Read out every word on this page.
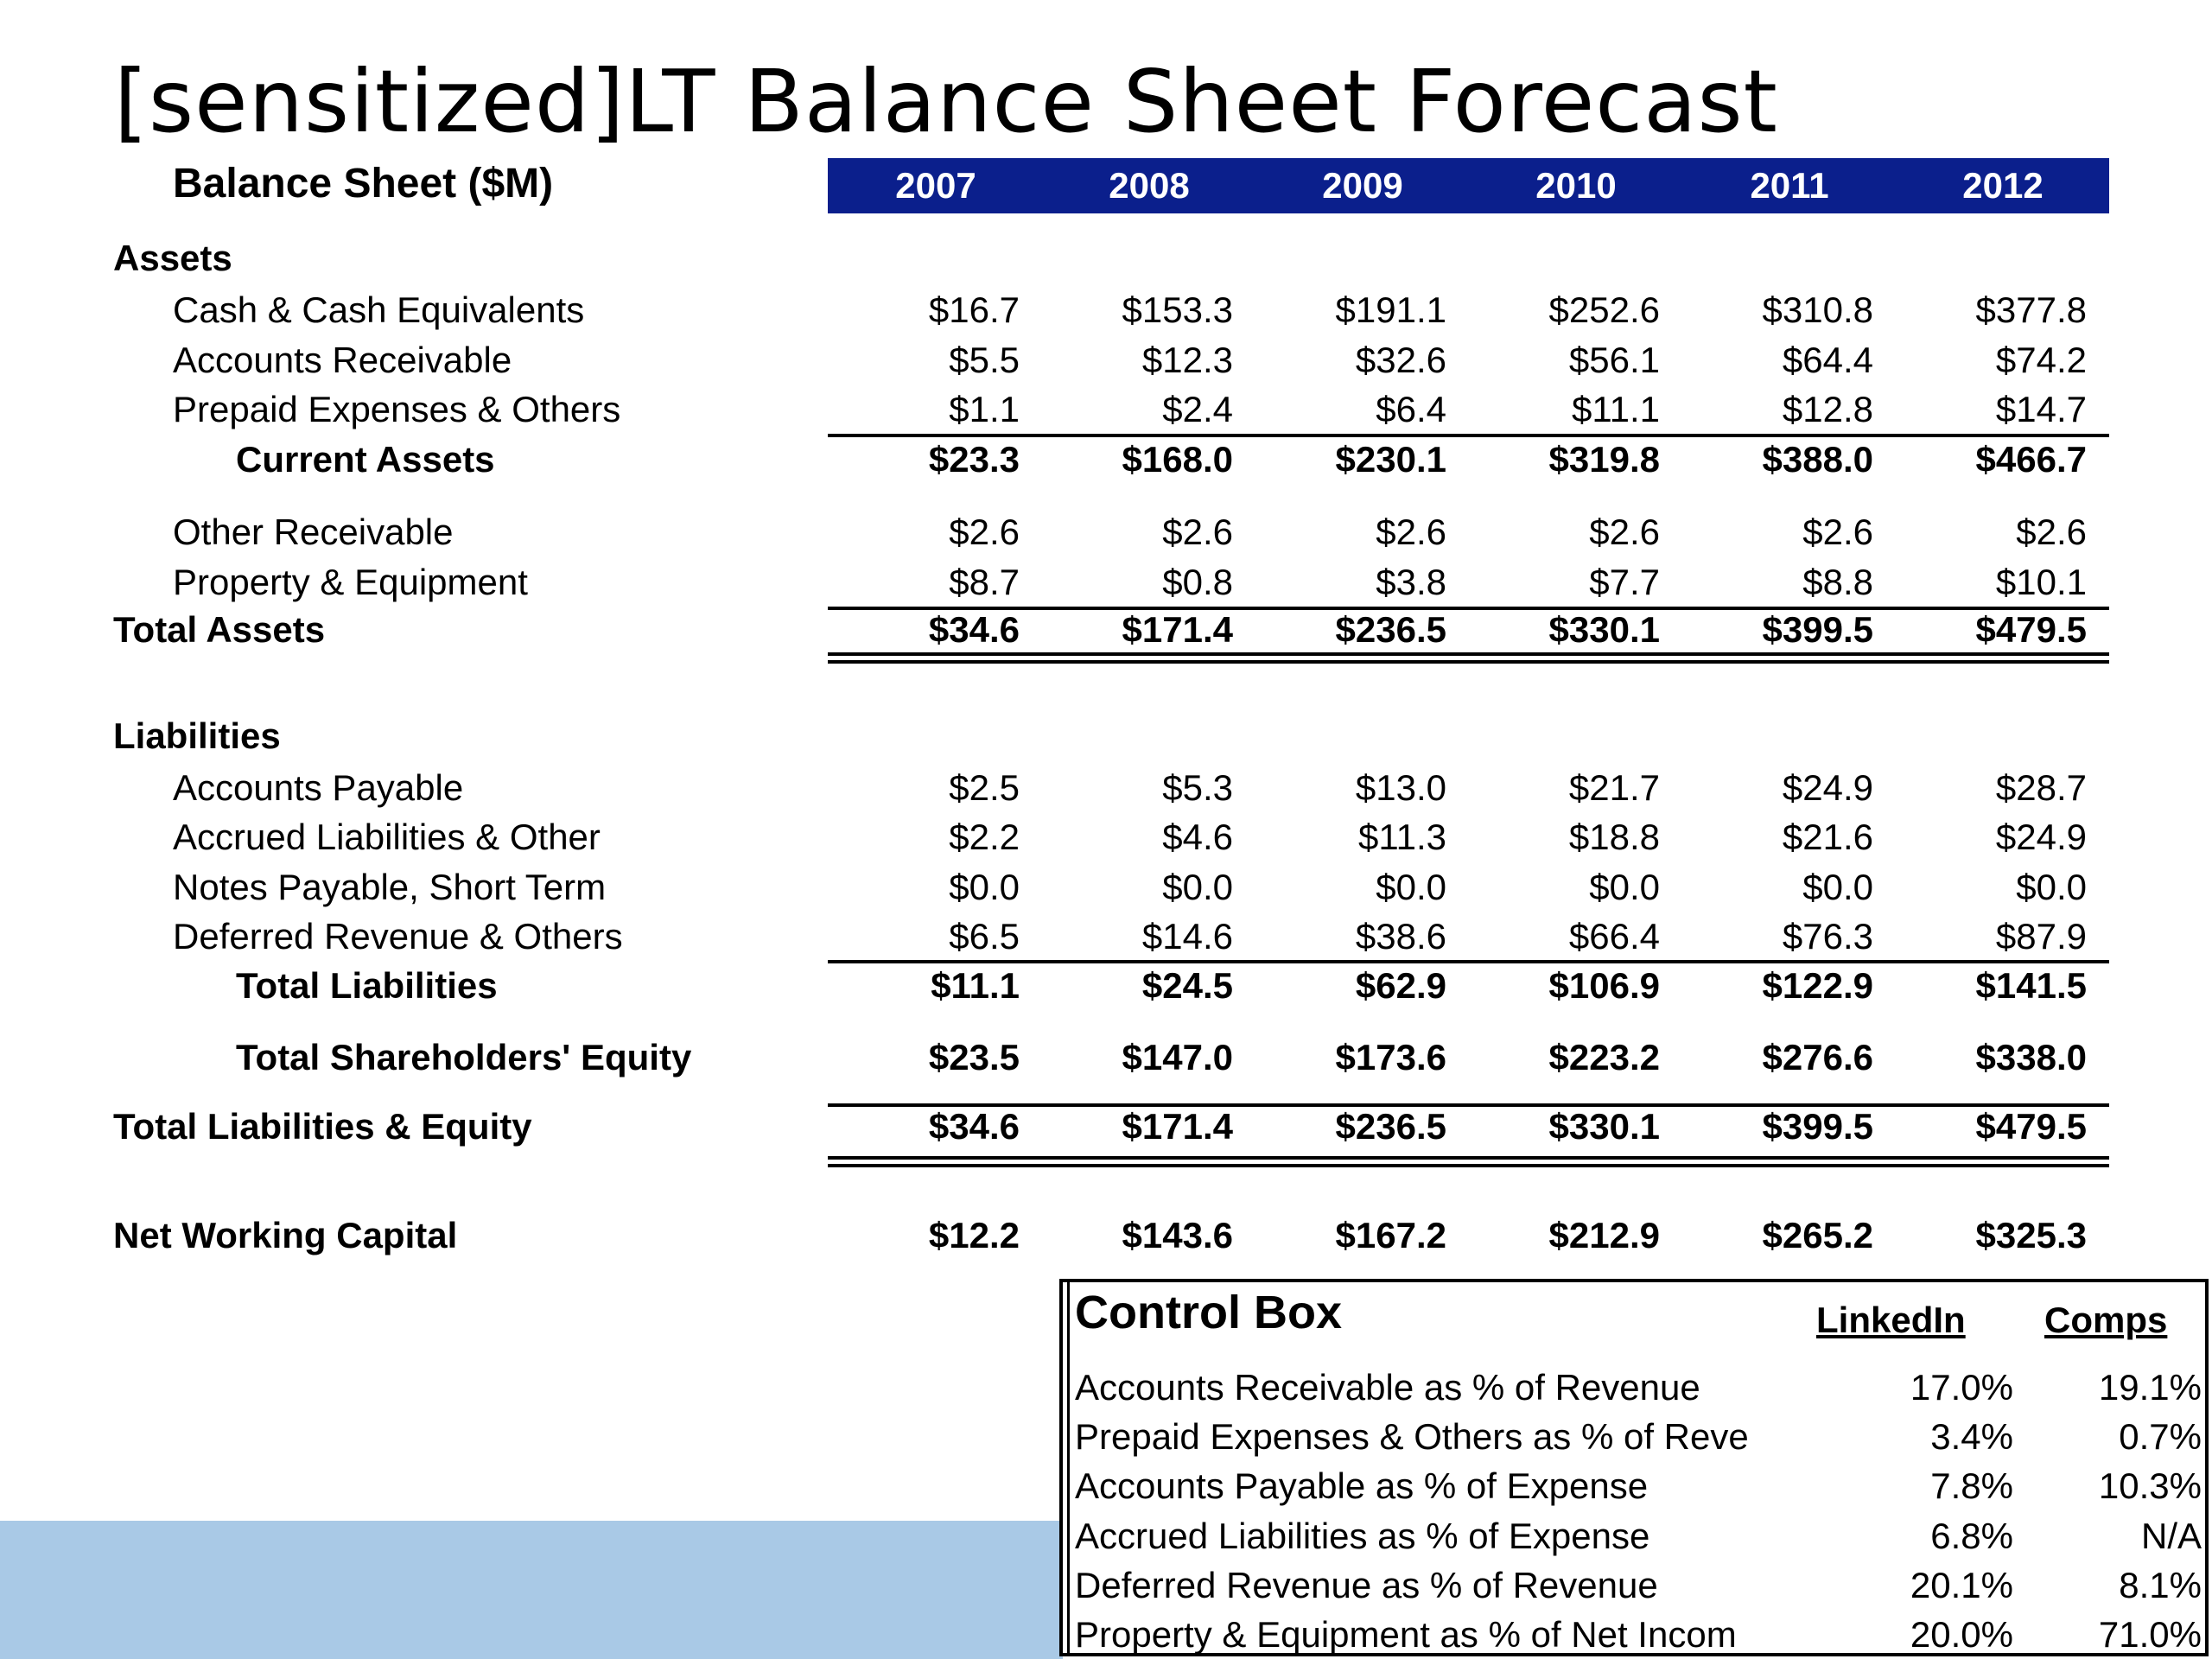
[sensitized]LT Balance Sheet Forecast
Balance Sheet ($M)	2007	2008	2009	2010	2011	2012
Assets
Liabilities
Cash & Cash Equivalents	$16.7	$153.3	$191.1	$252.6	$310.8	$377.8
Accounts Receivable	$5.5	$12.3	$32.6	$56.1	$64.4	$74.2
Prepaid Expenses & Others	$1.1	$2.4	$6.4	$11.1	$12.8	$14.7
Current Assets	$23.3	$168.0	$230.1	$319.8	$388.0	$466.7
Other Receivable	$2.6	$2.6	$2.6	$2.6	$2.6	$2.6
Property & Equipment	$8.7	$0.8	$3.8	$7.7	$8.8	$10.1
Total Assets	$34.6	$171.4	$236.5	$330.1	$399.5	$479.5
Accounts Payable	$2.5	$5.3	$13.0	$21.7	$24.9	$28.7
Accrued Liabilities & Other	$2.2	$4.6	$11.3	$18.8	$21.6	$24.9
Notes Payable, Short Term	$0.0	$0.0	$0.0	$0.0	$0.0	$0.0
Deferred Revenue & Others	$6.5	$14.6	$38.6	$66.4	$76.3	$87.9
Total Liabilities	$11.1	$24.5	$62.9	$106.9	$122.9	$141.5
Total Shareholders' Equity	$23.5	$147.0	$173.6	$223.2	$276.6	$338.0
Total Liabilities & Equity	$34.6	$171.4	$236.5	$330.1	$399.5	$479.5
Net Working Capital	$12.2	$143.6	$167.2	$212.9	$265.2	$325.3
Control Box	LinkedIn Comps
Accounts Receivable as % of Revenue	17.0%	19.1%
Prepaid Expenses & Others as % of Reve	3.4%	0.7%
Accounts Payable as % of Expense	7.8%	10.3%
Accrued Liabilities as % of Expense	6.8%	N/A
Deferred Revenue as % of Revenue	20.1%	8.1%
Property & Equipment as % of Net Incom	20.0%	71.0%
